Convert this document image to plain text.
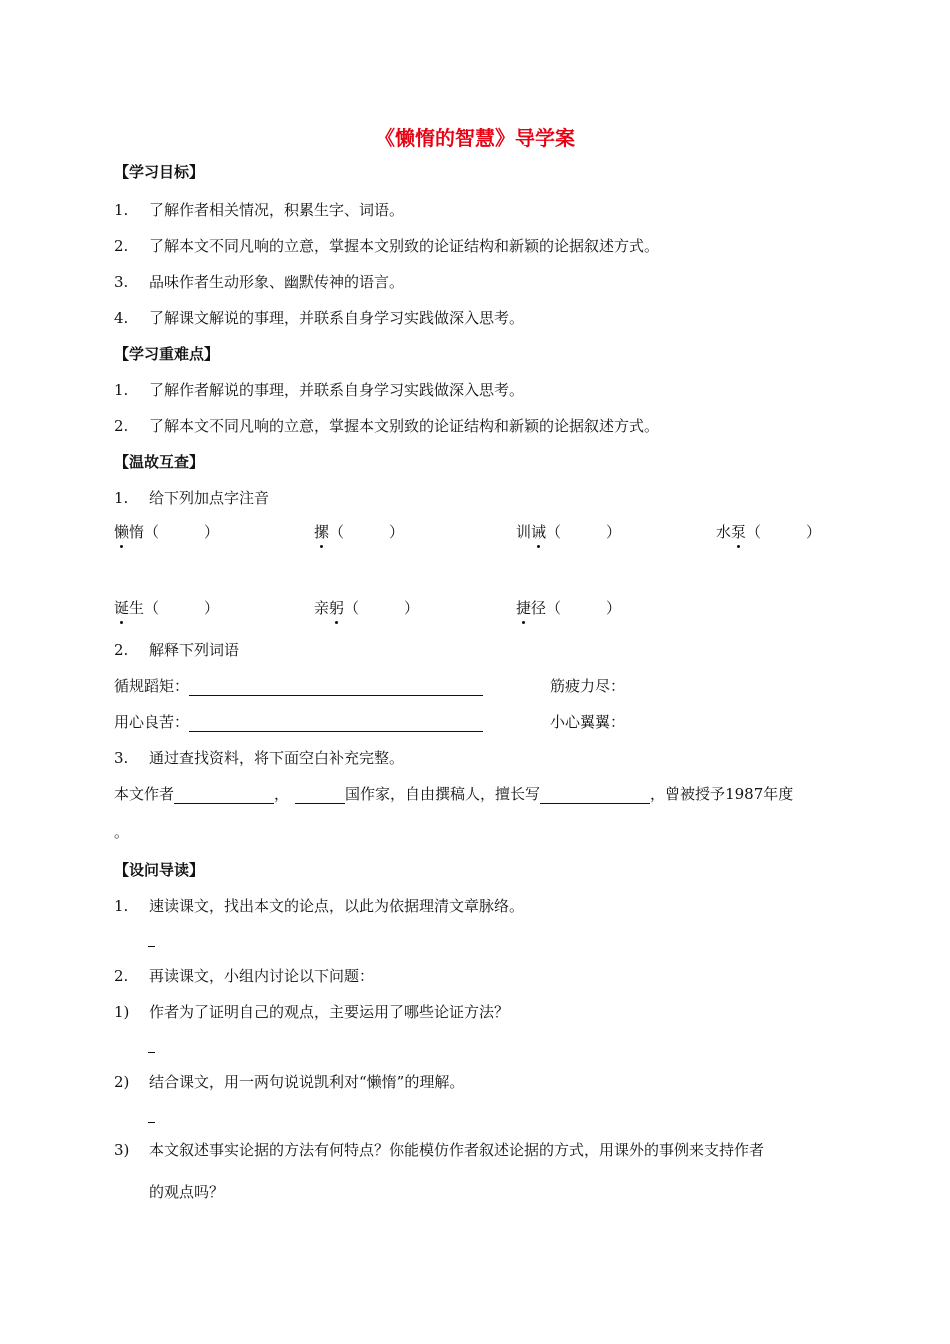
《懒惰的智慧》导学案
【学习目标】
1. 了解作者相关情况，积累生字、词语。
2. 了解本文不同凡响的立意，掌握本文别致的论证结构和新颖的论据叙述方式。
3. 品味作者生动形象、幽默传神的语言。
4. 了解课文解说的事理，并联系自身学习实践做深入思考。
【学习重难点】
1. 了解作者解说的事理，并联系自身学习实践做深入思考。
2. 了解本文不同凡响的立意，掌握本文别致的论证结构和新颖的论据叙述方式。
【温故互查】
1. 给下列加点字注音
懒惰（　　　）	摞（　　　）	训诫（　　　）	水泵（　　　）
诞生（　　　）	亲躬（　　　）	捷径（　　　）
2. 解释下列词语
循规蹈矩：	筋疲力尽：
用心良苦：	小心翼翼：
3. 通过查找资料，将下面空白补充完整。
本文作者	，	国作家，自由撰稿人，擅长写	，曾被授予1987年度
。
【设问导读】
1. 速读课文，找出本文的论点，以此为依据理清文章脉络。
2. 再读课文，小组内讨论以下问题：
1) 作者为了证明自己的观点，主要运用了哪些论证方法？
2) 结合课文，用一两句说说凯利对“懒惰”的理解。
3) 本文叙述事实论据的方法有何特点？你能模仿作者叙述论据的方式，用课外的事例来支持作者
的观点吗？
